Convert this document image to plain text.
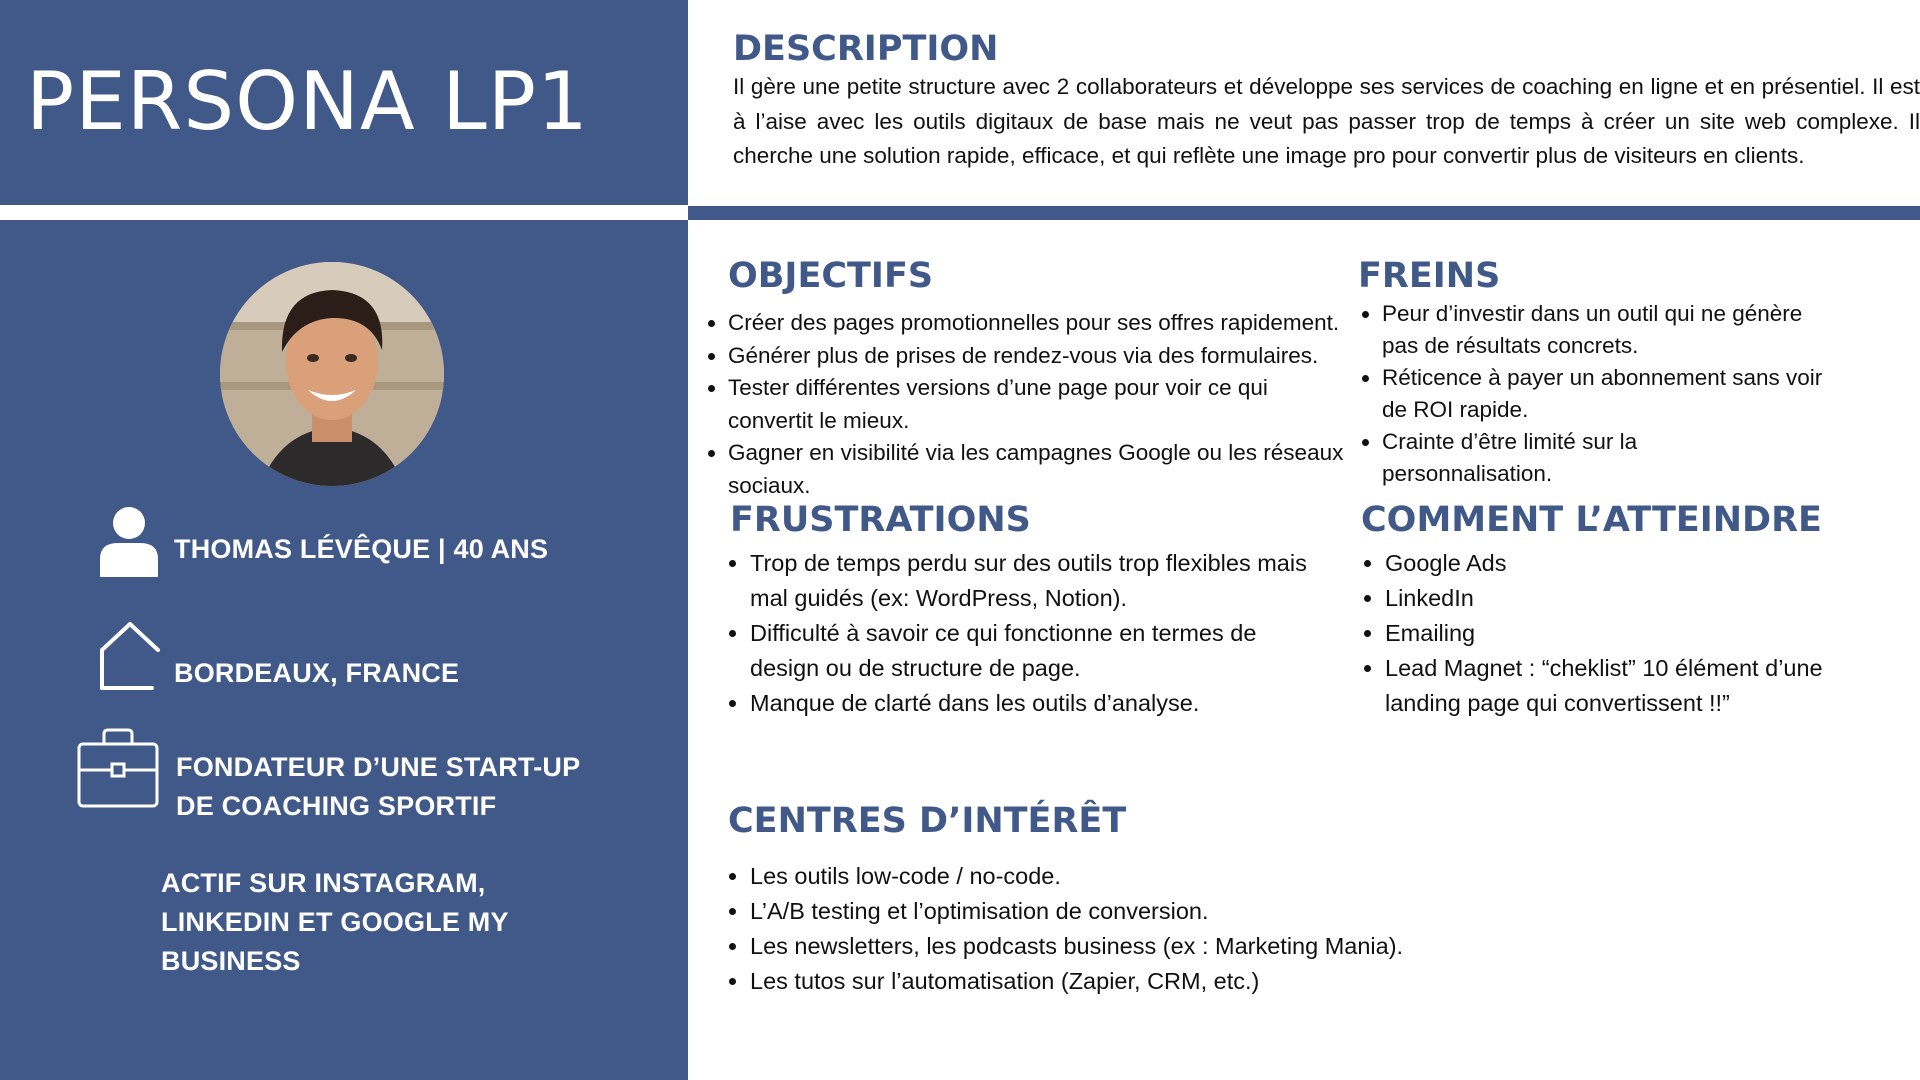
PERSONA LP1
DESCRIPTION

Il gère une petite structure avec 2 collaborateurs et développe ses services de coaching en ligne et en présentiel. Il est à l’aise avec les outils digitaux de base mais ne veut pas passer trop de temps à créer un site web complexe. Il cherche une solution rapide, efficace, et qui reflète une image pro pour convertir plus de visiteurs en clients.

THOMAS LÉVÊQUE | 40 ANS

BORDEAUX, FRANCE

FONDATEUR D’UNE START-UP
DE COACHING SPORTIF

ACTIF SUR INSTAGRAM,
LINKEDIN ET GOOGLE MY
BUSINESS

OBJECTIFS
• Créer des pages promotionnelles pour ses offres rapidement.
• Générer plus de prises de rendez-vous via des formulaires.
• Tester différentes versions d’une page pour voir ce qui convertit le mieux.
• Gagner en visibilité via les campagnes Google ou les réseaux sociaux.
FREINS
• Peur d’investir dans un outil qui ne génère pas de résultats concrets.
• Réticence à payer un abonnement sans voir de ROI rapide.
• Crainte d’être limité sur la personnalisation.
FRUSTRATIONS
• Trop de temps perdu sur des outils trop flexibles mais mal guidés (ex: WordPress, Notion).
• Difficulté à savoir ce qui fonctionne en termes de design ou de structure de page.
• Manque de clarté dans les outils d’analyse.
COMMENT L’ATTEINDRE
• Google Ads
• LinkedIn
• Emailing
• Lead Magnet : “cheklist” 10 élément d’une landing page qui convertissent !!”
CENTRES D’INTÉRÊT
• Les outils low-code / no-code.
• L’A/B testing et l’optimisation de conversion.
• Les newsletters, les podcasts business (ex : Marketing Mania).
• Les tutos sur l’automatisation (Zapier, CRM, etc.)
